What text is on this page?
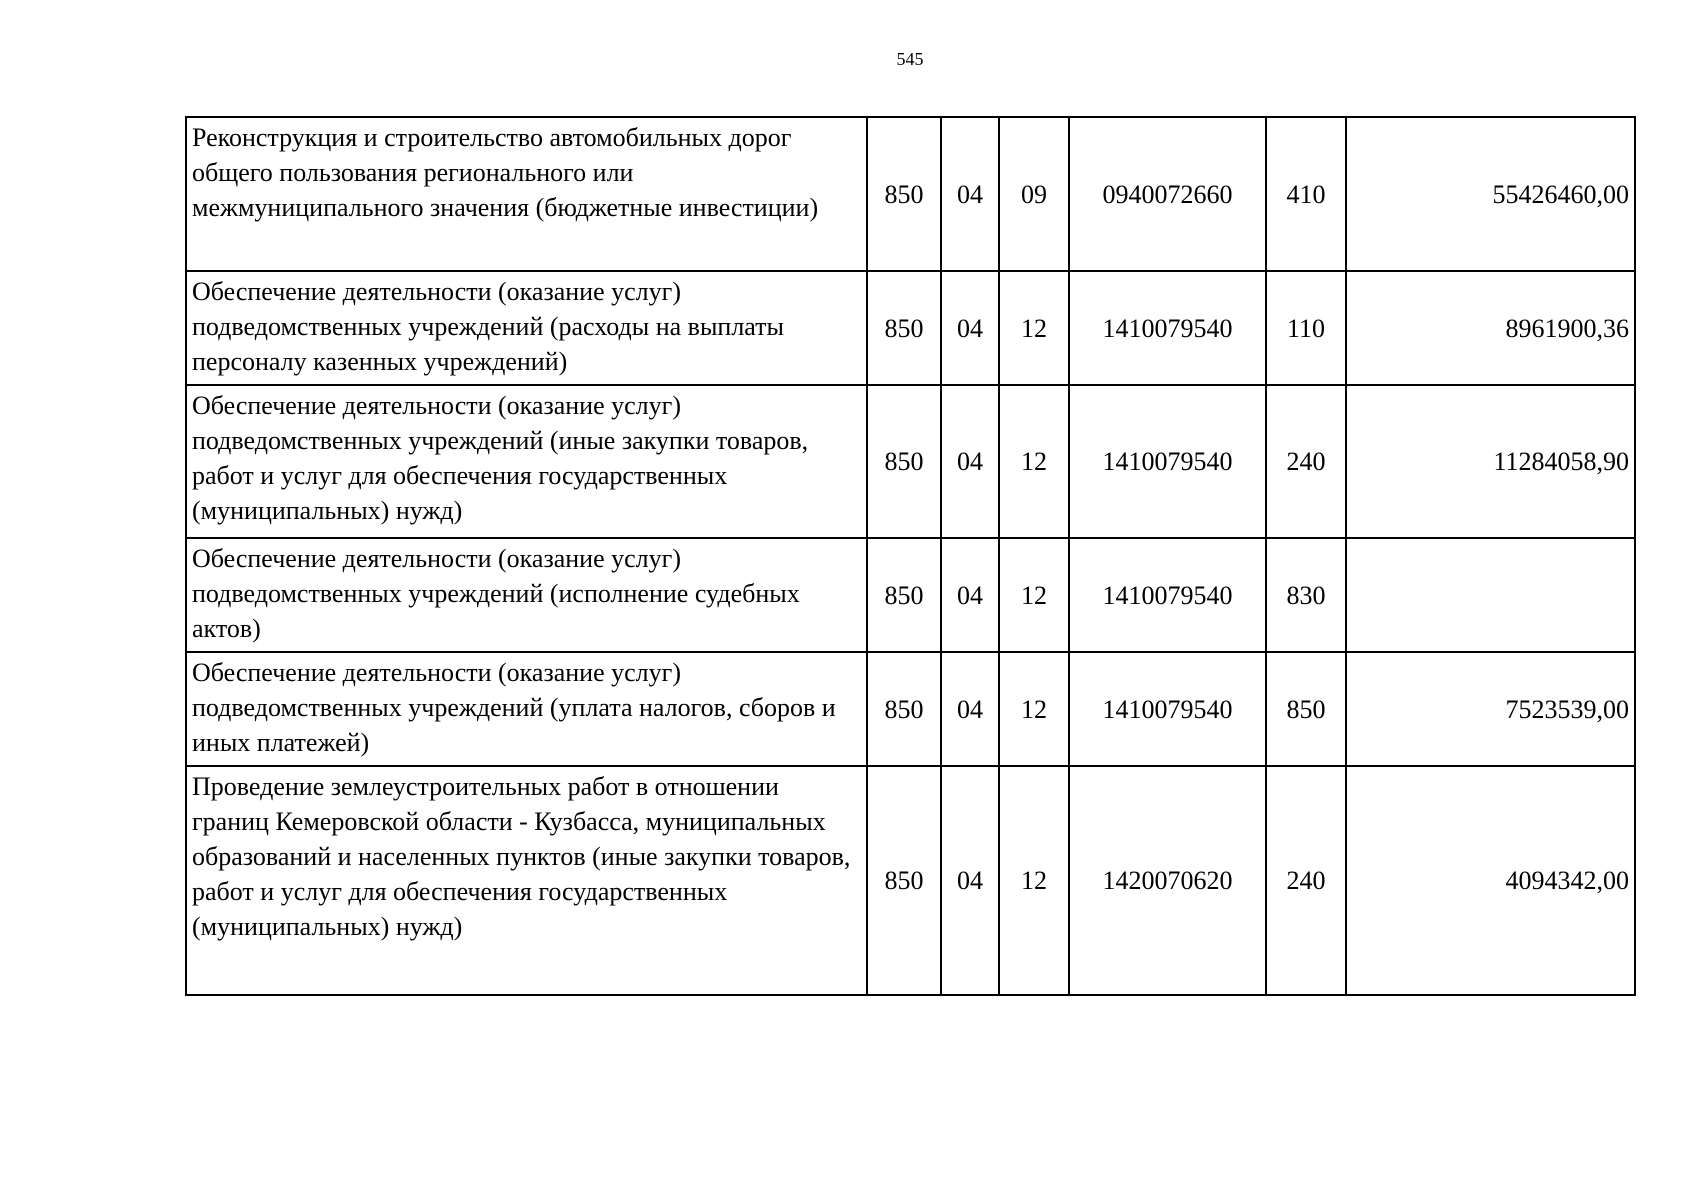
545
Реконструкция и строительство автомобильных дорог общего пользования регионального или межмуниципального значения (бюджетные инвестиции)	850	04	09	0940072660	410	55426460,00
Обеспечение деятельности (оказание услуг) подведомственных учреждений (расходы на выплаты персоналу казенных учреждений)	850	04	12	1410079540	110	8961900,36
Обеспечение деятельности (оказание услуг) подведомственных учреждений (иные закупки товаров, работ и услуг для обеспечения государственных (муниципальных) нужд)	850	04	12	1410079540	240	11284058,90
Обеспечение деятельности (оказание услуг) подведомственных учреждений (исполнение судебных актов)	850	04	12	1410079540	830	
Обеспечение деятельности (оказание услуг) подведомственных учреждений (уплата налогов, сборов и иных платежей)	850	04	12	1410079540	850	7523539,00
Проведение землеустроительных работ в отношении границ Кемеровской области - Кузбасса, муниципальных образований и населенных пунктов (иные закупки товаров, работ и услуг для обеспечения государственных (муниципальных) нужд)	850	04	12	1420070620	240	4094342,00
